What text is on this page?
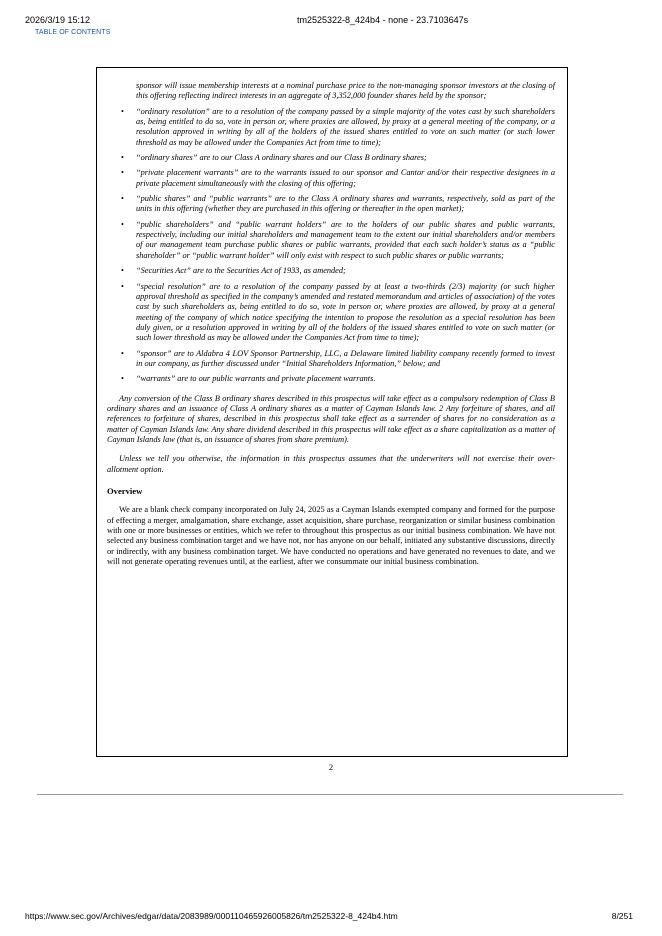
2026/3/19 15:12	tm2525322-8_424b4 - none - 23.7103647s
TABLE OF CONTENTS

sponsor will issue membership interests at a nominal purchase price to the non-managing sponsor investors at the closing of this offering reflecting indirect interests in an aggregate of 3,352,000 founder shares held by the sponsor;

• “ordinary resolution” are to a resolution of the company passed by a simple majority of the votes cast by such shareholders as, being entitled to do so, vote in person or, where proxies are allowed, by proxy at a general meeting of the company, or a resolution approved in writing by all of the holders of the issued shares entitled to vote on such matter (or such lower threshold as may be allowed under the Companies Act from time to time);
• “ordinary shares” are to our Class A ordinary shares and our Class B ordinary shares;
• “private placement warrants” are to the warrants issued to our sponsor and Cantor and/or their respective designees in a private placement simultaneously with the closing of this offering;
• “public shares” and “public warrants” are to the Class A ordinary shares and warrants, respectively, sold as part of the units in this offering (whether they are purchased in this offering or thereafter in the open market);
• “public shareholders” and “public warrant holders” are to the holders of our public shares and public warrants, respectively, including our initial shareholders and management team to the extent our initial shareholders and/or members of our management team purchase public shares or public warrants, provided that each such holder’s status as a “public shareholder” or “public warrant holder” will only exist with respect to such public shares or public warrants;
• “Securities Act” are to the Securities Act of 1933, as amended;
• “special resolution” are to a resolution of the company passed by at least a two-thirds (2/3) majority (or such higher approval threshold as specified in the company’s amended and restated memorandum and articles of association) of the votes cast by such shareholders as, being entitled to do so, vote in person or, where proxies are allowed, by proxy at a general meeting of the company of which notice specifying the intention to propose the resolution as a special resolution has been duly given, or a resolution approved in writing by all of the holders of the issued shares entitled to vote on such matter (or such lower threshold as may be allowed under the Companies Act from time to time);
• “sponsor” are to Aldabra 4 LOV Sponsor Partnership, LLC, a Delaware limited liability company recently formed to invest in our company, as further discussed under “Initial Shareholders Information,” below; and
• “warrants” are to our public warrants and private placement warrants.

Any conversion of the Class B ordinary shares described in this prospectus will take effect as a compulsory redemption of Class B ordinary shares and an issuance of Class A ordinary shares as a matter of Cayman Islands law. 2 Any forfeiture of shares, and all references to forfeiture of shares, described in this prospectus shall take effect as a surrender of shares for no consideration as a matter of Cayman Islands law. Any share dividend described in this prospectus will take effect as a share capitalization as a matter of Cayman Islands law (that is, an issuance of shares from share premium).

Unless we tell you otherwise, the information in this prospectus assumes that the underwriters will not exercise their over-allotment option.

Overview

We are a blank check company incorporated on July 24, 2025 as a Cayman Islands exempted company and formed for the purpose of effecting a merger, amalgamation, share exchange, asset acquisition, share purchase, reorganization or similar business combination with one or more businesses or entities, which we refer to throughout this prospectus as our initial business combination. We have not selected any business combination target and we have not, nor has anyone on our behalf, initiated any substantive discussions, directly or indirectly, with any business combination target. We have conducted no operations and have generated no revenues to date, and we will not generate operating revenues until, at the earliest, after we consummate our initial business combination.

2
https://www.sec.gov/Archives/edgar/data/2083989/000110465926005826/tm2525322-8_424b4.htm	8/251
